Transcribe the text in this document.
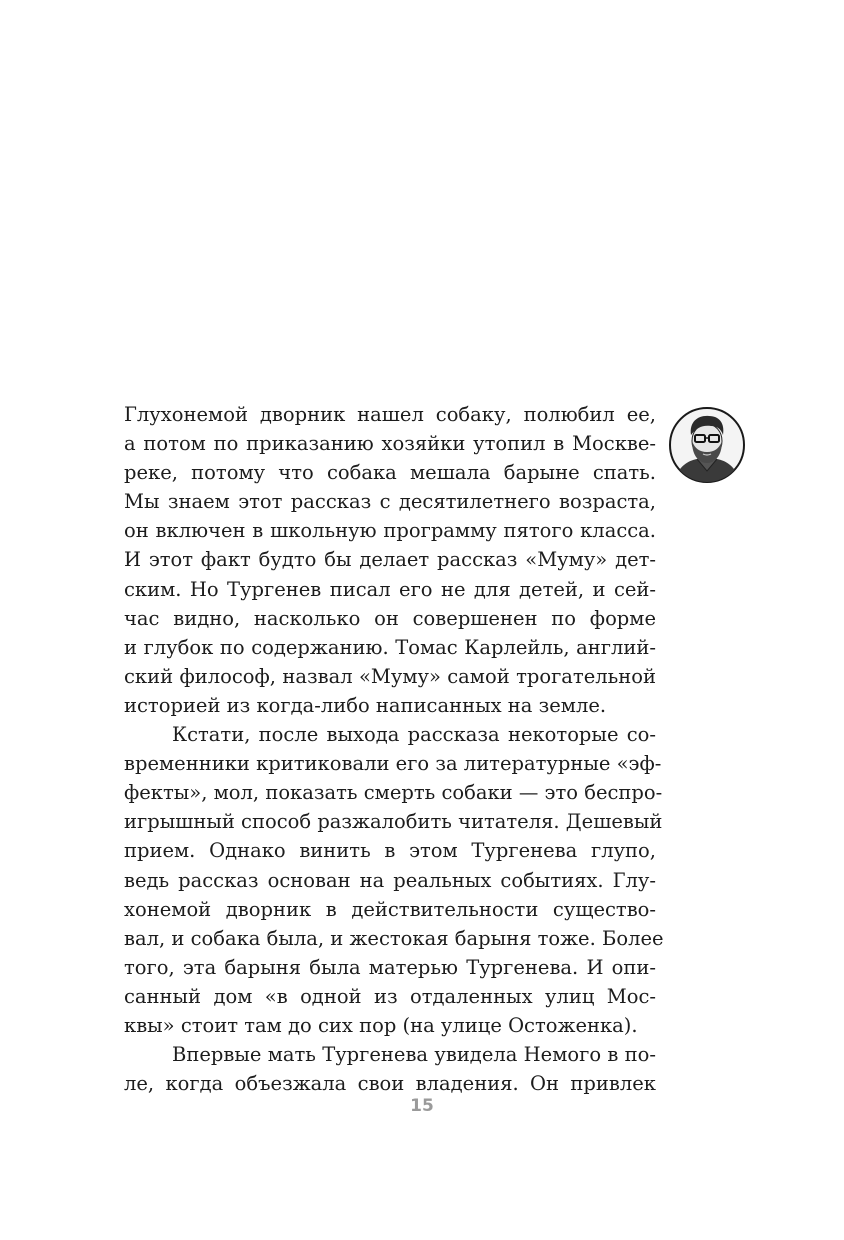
Глухонемой дворник нашел собаку, полюбил ее,
а потом по приказанию хозяйки утопил в Москве-
реке, потому что собака мешала барыне спать.
Мы знаем этот рассказ с десятилетнего возраста,
он включен в школьную программу пятого класса.
И этот факт будто бы делает рассказ «Муму» дет-
ским. Но Тургенев писал его не для детей, и сей-
час видно, насколько он совершенен по форме
и глубок по содержанию. Томас Карлейль, англий-
ский философ, назвал «Муму» самой трогательной
историей из когда-либо написанных на земле.
Кстати, после выхода рассказа некоторые со-
временники критиковали его за литературные «эф-
фекты», мол, показать смерть собаки — это беспро-
игрышный способ разжалобить читателя. Дешевый
прием. Однако винить в этом Тургенева глупо,
ведь рассказ основан на реальных событиях. Глу-
хонемой дворник в действительности существо-
вал, и собака была, и жестокая барыня тоже. Более
того, эта барыня была матерью Тургенева. И опи-
санный дом «в одной из отдаленных улиц Мос-
квы» стоит там до сих пор (на улице Остоженка).
Впервые мать Тургенева увидела Немого в по-
ле, когда объезжала свои владения. Он привлек
15
